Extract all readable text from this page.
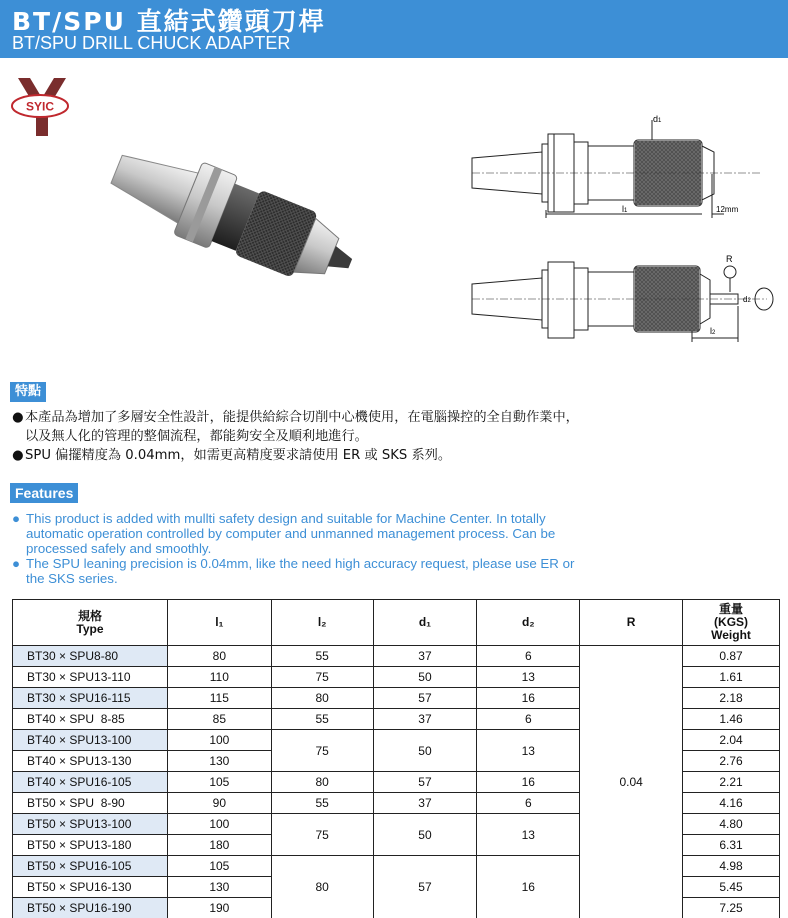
BT/SPU 直結式鑽頭刀桿
BT/SPU DRILL CHUCK ADAPTER
SYIC
d1
l1	12mm
R
d2
l2
特點
●本產品為增加了多層安全性設計，能提供給綜合切削中心機使用，在電腦操控的全自動作業中，
以及無人化的管理的整個流程，都能夠安全及順利地進行。
●SPU 偏擺精度為 0.04mm，如需更高精度要求請使用 ER 或 SKS 系列。
Features
● This product is added with mullti safety design and suitable for Machine Center. In totally
automatic operation controlled by computer and unmanned management process. Can be
processed safely and smoothly.
● The SPU leaning precision is 0.04mm, like the need high accuracy request, please use ER or
the SKS series.
規格
Type	l₁	l₂	d₁	d₂	R	重量
(KGS)
Weight
BT30 × SPU8-80	80	55	37	6	0.04	0.87
BT30 × SPU13-110	110	75	50	13		1.61
BT30 × SPU16-115	115	80	57	16		2.18
BT40 × SPU  8-85	85	55	37	6		1.46
BT40 × SPU13-100	100	75	50	13		2.04
BT40 × SPU13-130	130					2.76
BT40 × SPU16-105	105	80	57	16		2.21
BT50 × SPU  8-90	90	55	37	6		4.16
BT50 × SPU13-100	100	75	50	13		4.80
BT50 × SPU13-180	180					6.31
BT50 × SPU16-105	105	80	57	16		4.98
BT50 × SPU16-130	130					5.45
BT50 × SPU16-190	190					7.25
